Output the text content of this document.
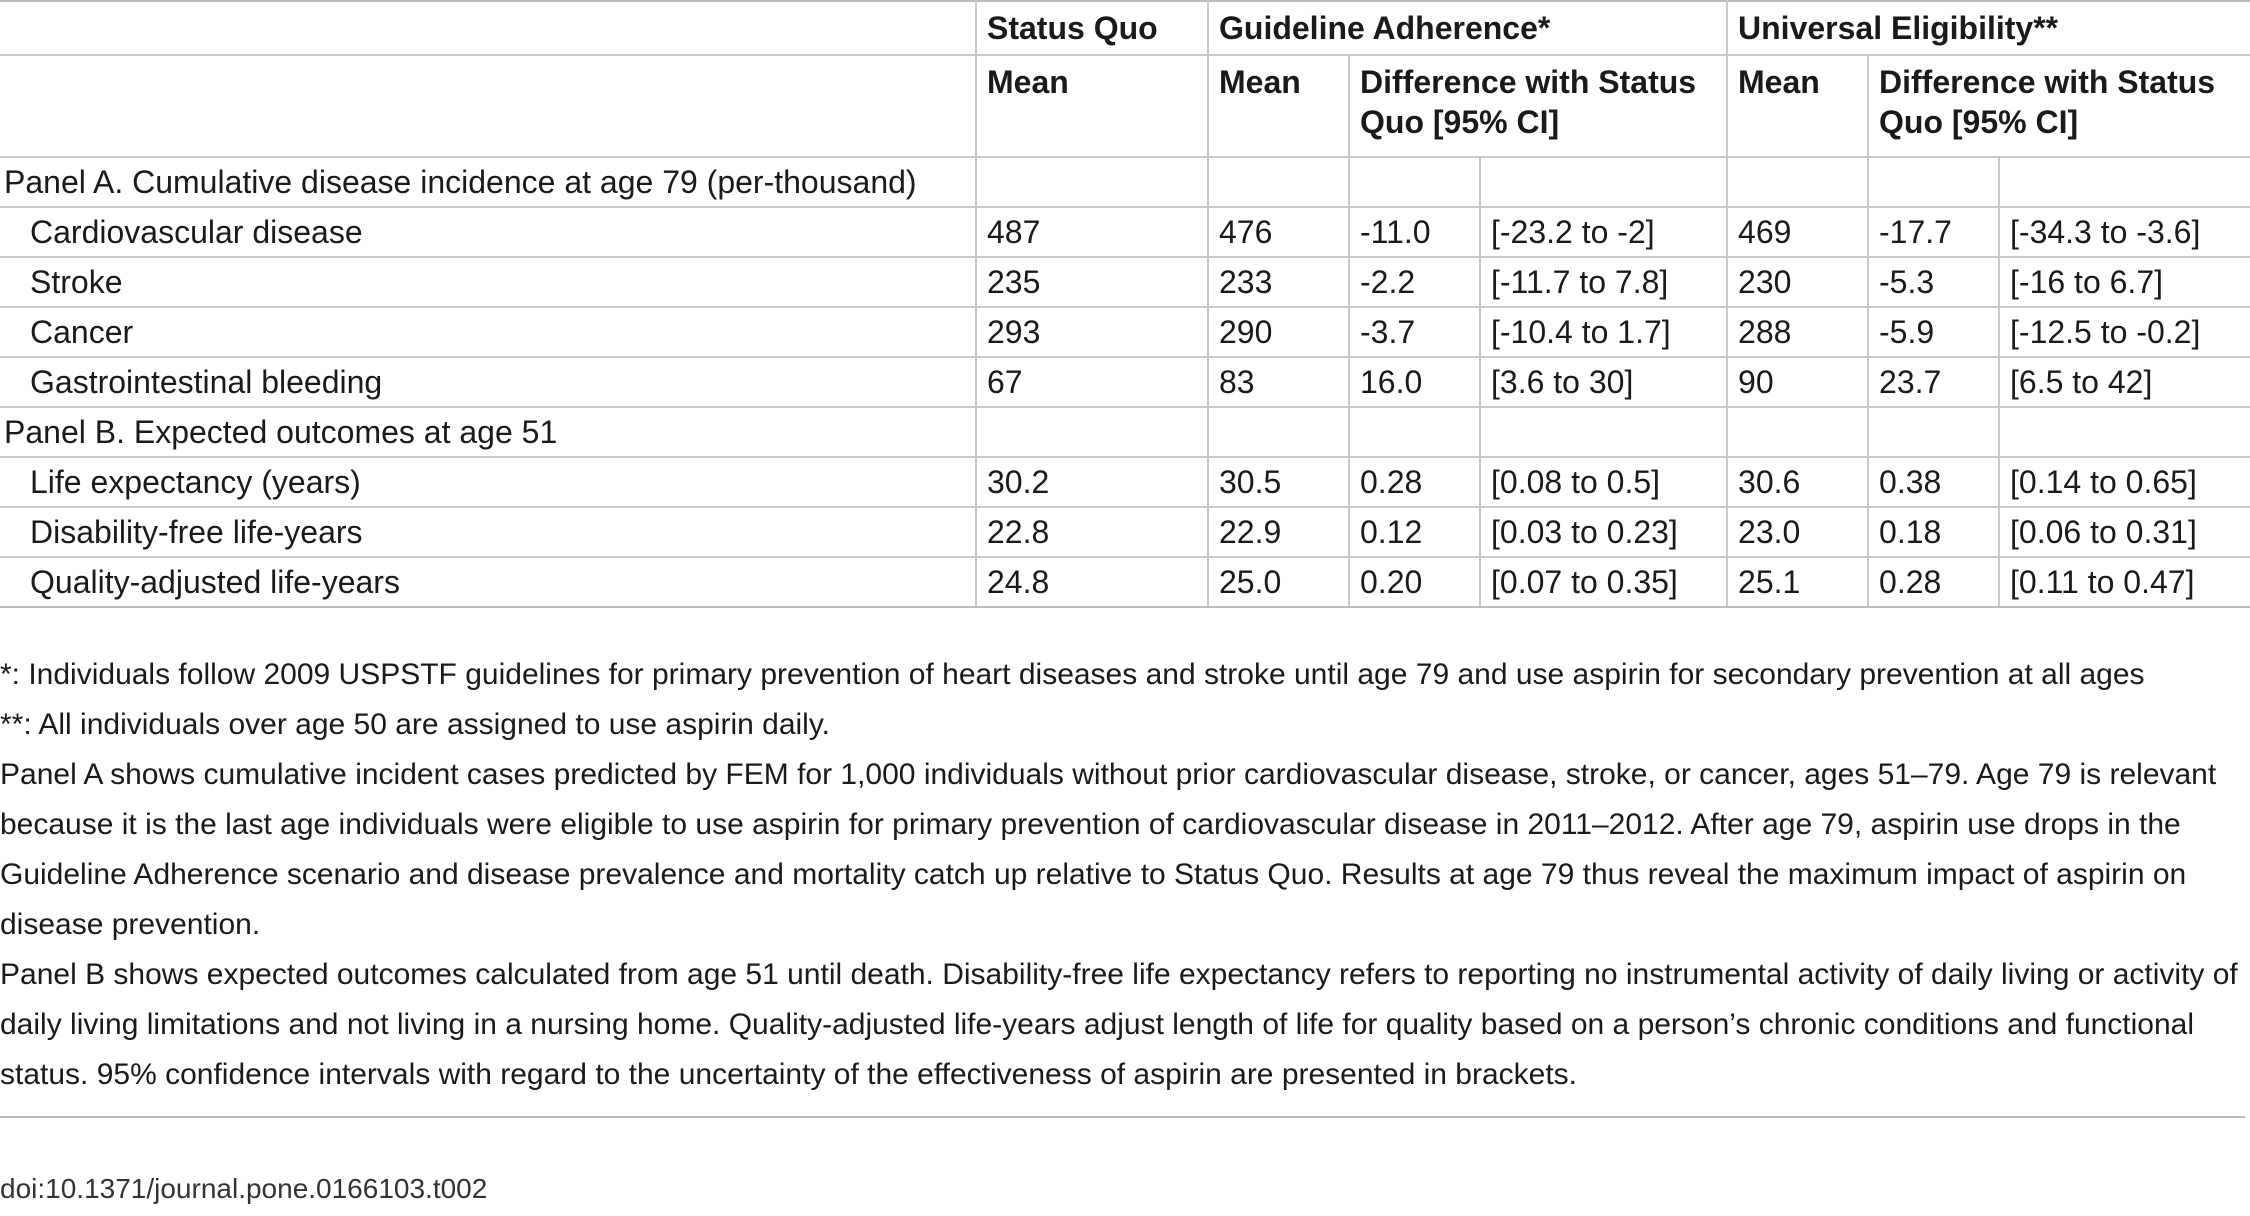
	Status Quo	Guideline Adherence*			Universal Eligibility**		
	Mean	Mean	Difference with Status Quo [95% CI]		Mean	Difference with Status Quo [95% CI]	
Panel A. Cumulative disease incidence at age 79 (per-thousand)							
Cardiovascular disease	487	476	-11.0	[-23.2 to -2]	469	-17.7	[-34.3 to -3.6]
Stroke	235	233	-2.2	[-11.7 to 7.8]	230	-5.3	[-16 to 6.7]
Cancer	293	290	-3.7	[-10.4 to 1.7]	288	-5.9	[-12.5 to -0.2]
Gastrointestinal bleeding	67	83	16.0	[3.6 to 30]	90	23.7	[6.5 to 42]
Panel B. Expected outcomes at age 51							
Life expectancy (years)	30.2	30.5	0.28	[0.08 to 0.5]	30.6	0.38	[0.14 to 0.65]
Disability-free life-years	22.8	22.9	0.12	[0.03 to 0.23]	23.0	0.18	[0.06 to 0.31]
Quality-adjusted life-years	24.8	25.0	0.20	[0.07 to 0.35]	25.1	0.28	[0.11 to 0.47]

*: Individuals follow 2009 USPSTF guidelines for primary prevention of heart diseases and stroke until age 79 and use aspirin for secondary prevention at all ages

**: All individuals over age 50 are assigned to use aspirin daily.

Panel A shows cumulative incident cases predicted by FEM for 1,000 individuals without prior cardiovascular disease, stroke, or cancer, ages 51–79. Age 79 is relevant because it is the last age individuals were eligible to use aspirin for primary prevention of cardiovascular disease in 2011–2012. After age 79, aspirin use drops in the Guideline Adherence scenario and disease prevalence and mortality catch up relative to Status Quo. Results at age 79 thus reveal the maximum impact of aspirin on disease prevention.

Panel B shows expected outcomes calculated from age 51 until death. Disability-free life expectancy refers to reporting no instrumental activity of daily living or activity of daily living limitations and not living in a nursing home. Quality-adjusted life-years adjust length of life for quality based on a person’s chronic conditions and functional status. 95% confidence intervals with regard to the uncertainty of the effectiveness of aspirin are presented in brackets.

doi:10.1371/journal.pone.0166103.t002
